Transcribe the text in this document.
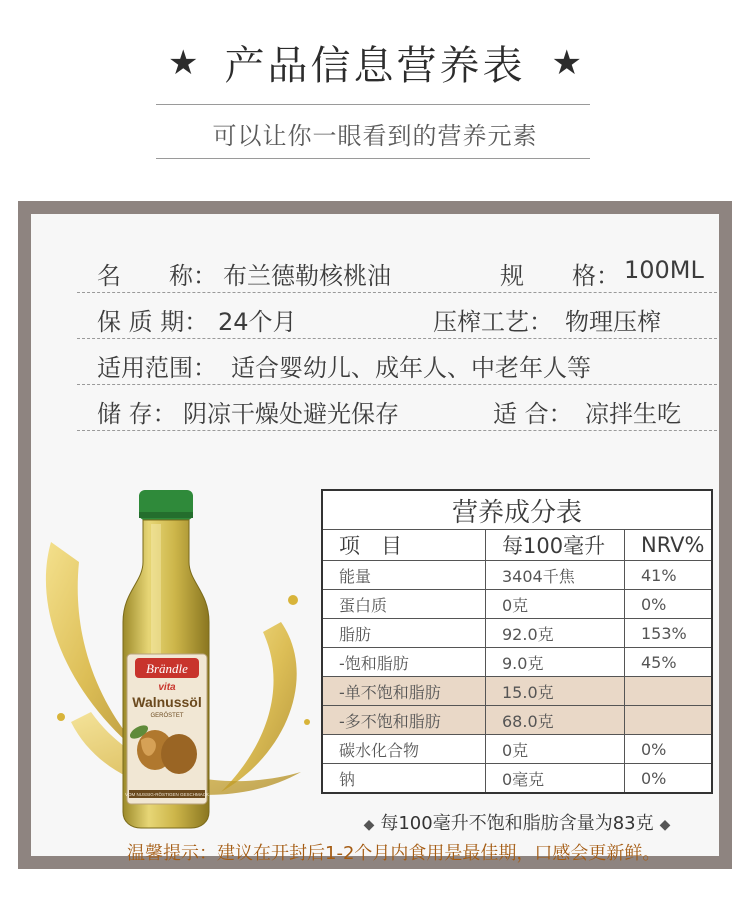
★ 产品信息营养表 ★
可以让你一眼看到的营养元素
名　　称： 布兰德勒核桃油	规　　格： 100ML
保 质 期： 24个月	压榨工艺： 物理压榨
适用范围： 适合婴幼儿、成年人、中老年人等
储 存： 阴凉干燥处避光保存	适 合： 凉拌生吃
Brändle
vita
Walnussöl
GERÖSTET
VOM NUSSIG-RÖSTIGEN GESCHMACK
营养成分表		
项　目	每100毫升	NRV%
能量	3404千焦	41%
蛋白质	0克	0%
脂肪	92.0克	153%
-饱和脂肪	9.0克	45%
-单不饱和脂肪	15.0克	
-多不饱和脂肪	68.0克	
碳水化合物	0克	0%
钠	0毫克	0%
◆ 每100毫升不饱和脂肪含量为83克 ◆
温馨提示：建议在开封后1-2个月内食用是最佳期，口感会更新鲜。
